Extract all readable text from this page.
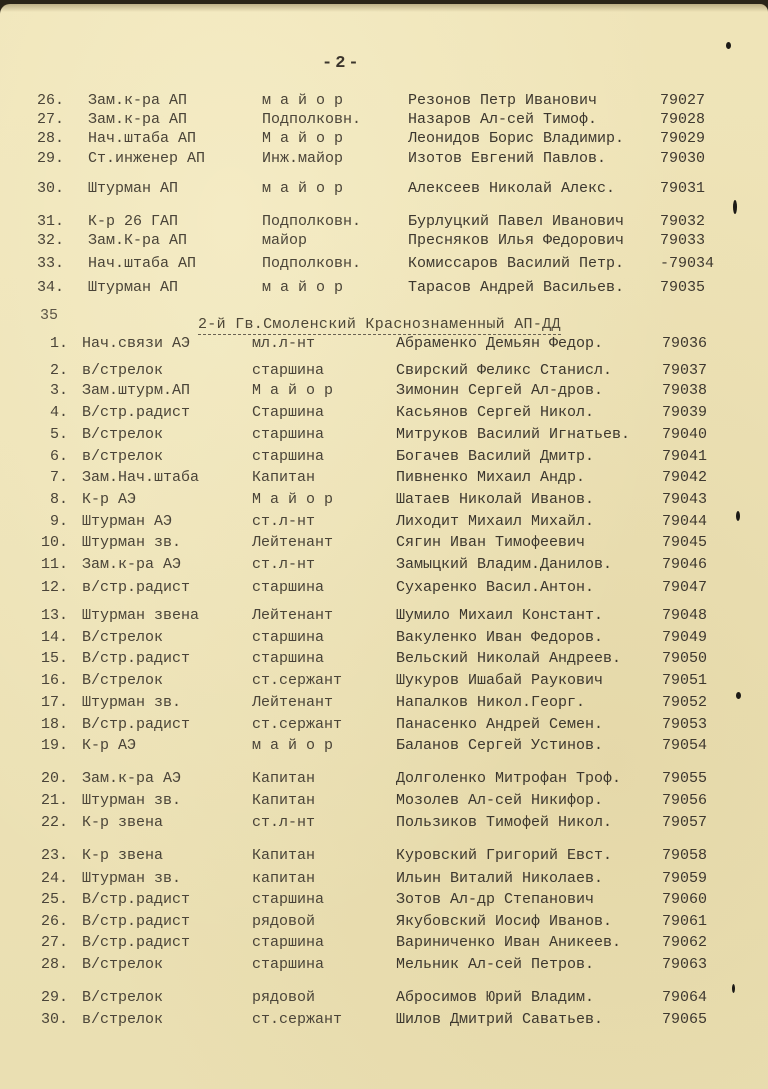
-2-
26. Зам.к-ра АП	м а й о р	Резонов Петр Иванович	79027
27. Зам.к-ра АП	Подполковн.	Назаров Ал-сей Тимоф.	79028
28. Нач.штаба АП	М а й о р	Леонидов Борис Владимир. 79029
29. Ст.инженер АП	Инж.майор	Изотов Евгений Павлов.	79030
30. Штурман АП	м а й о р	Алексеев Николай Алекс.	79031
31. К-р 26 ГАП	Подполковн.	Бурлуцкий Павел Иванович 79032
32. Зам.К-ра АП	майор	Пресняков Илья Федорович 79033
33. Нач.штаба АП	Подполковн.	Комиссаров Василий Петр. -79034
34. Штурман АП	м а й о р	Тарасов Андрей Васильев. 79035
35
2-й Гв.Смоленский Краснознаменный АП-ДД
1. Нач.связи АЭ	мл.л-нт	Абраменко Демьян Федор.	79036
2. в/стрелок	старшина	Свирский Феликс Станисл.	79037
3. Зам.штурм.АП	М а й о р	Зимонин Сергей Ал-дров.	79038
4. В/стр.радист	Старшина	Касьянов Сергей Никол.	79039
5. В/стрелок	старшина	Митруков Василий Игнатьев. 79040
6. в/стрелок	старшина	Богачев Василий Дмитр.	79041
7. Зам.Нач.штаба	Капитан	Пивненко Михаил Андр.	79042
8. К-р АЭ	М а й о р	Шатаев Николай Иванов.	79043
9. Штурман АЭ	ст.л-нт	Лиходит Михаил Михайл.	79044
10. Штурман зв.	Лейтенант	Сягин Иван Тимофеевич	79045
11. Зам.к-ра АЭ	ст.л-нт	Замыцкий Владим.Данилов.	79046
12. в/стр.радист	старшина	Сухаренко Васил.Антон.	79047
13. Штурман звена	Лейтенант	Шумило Михаил Констант.	79048
14. В/стрелок	старшина	Вакуленко Иван Федоров.	79049
15. В/стр.радист	старшина	Вельский Николай Андреев.	79050
16. В/стрелок	ст.сержант	Шукуров Ишабай Раукович	79051
17. Штурман зв.	Лейтенант	Напалков Никол.Георг.	79052
18. В/стр.радист	ст.сержант	Панасенко Андрей Семен.	79053
19. К-р АЭ	м а й о р	Баланов Сергей Устинов.	79054
20. Зам.к-ра АЭ	Капитан	Долголенко Митрофан Троф.	79055
21. Штурман зв.	Капитан	Мозолев Ал-сей Никифор.	79056
22. К-р звена	ст.л-нт	Пользиков Тимофей Никол.	79057
23. К-р звена	Капитан	Куровский Григорий Евст.	79058
24. Штурман зв.	капитан	Ильин Виталий Николаев.	79059
25. В/стр.радист	старшина	Зотов Ал-др Степанович	79060
26. В/стр.радист	рядовой	Якубовский Иосиф Иванов.	79061
27. В/стр.радист	старшина	Вариниченко Иван Аникеев.	79062
28. В/стрелок	старшина	Мельник Ал-сей Петров.	79063
29. В/стрелок	рядовой	Абросимов Юрий Владим.	79064
30. в/стрелок	ст.сержант	Шилов Дмитрий Саватьев.	79065
